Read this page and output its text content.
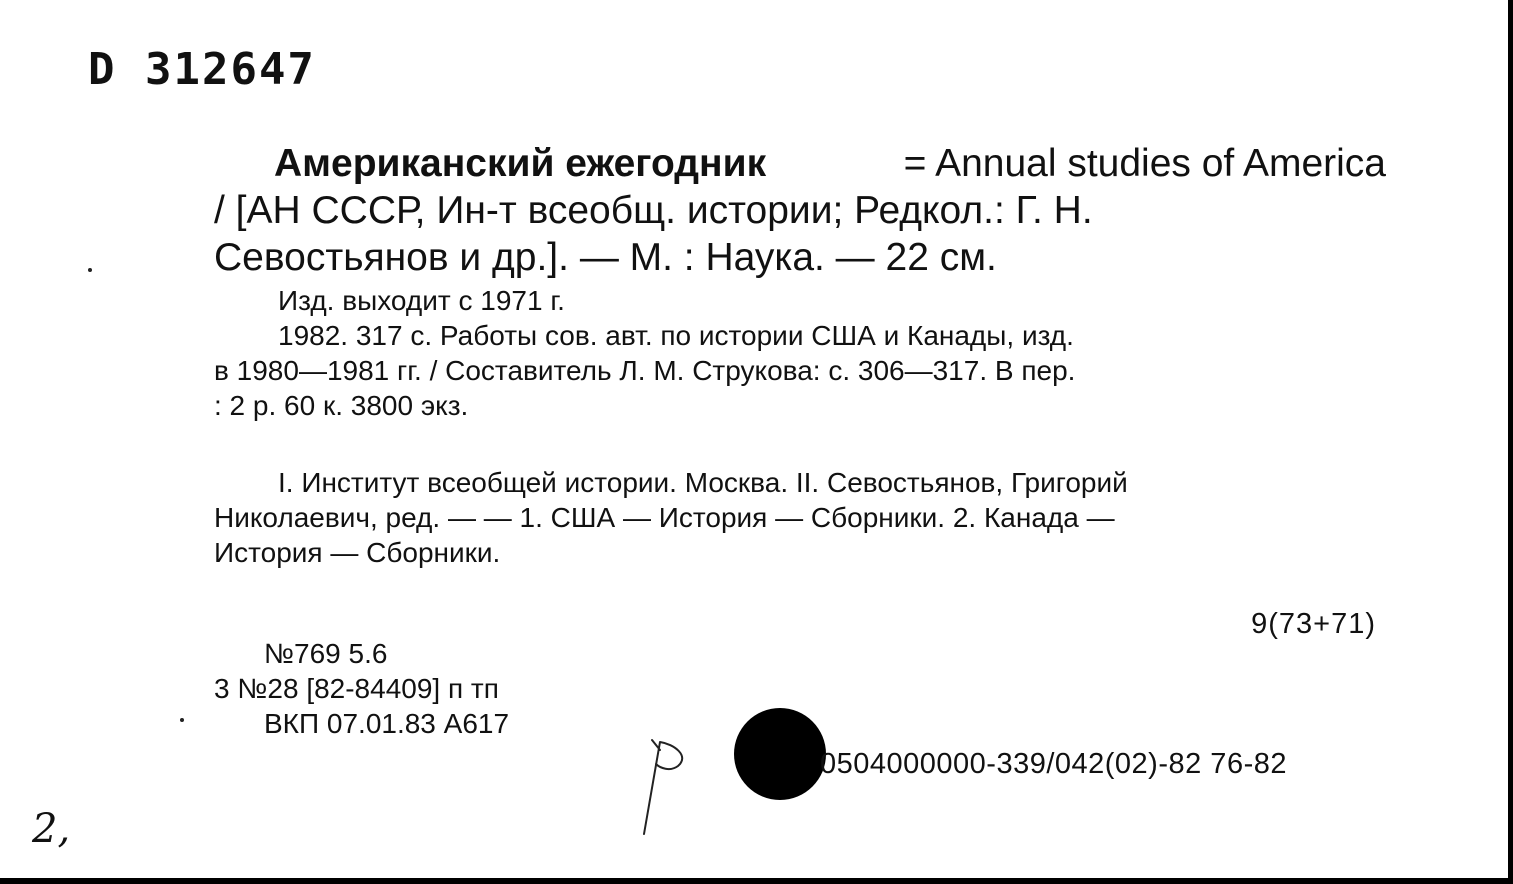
D 312647
Американский ежегодник	= Annual studies of America
/ [АН СССР, Ин-т всеобщ. истории; Редкол.: Г. Н.
Севостьянов и др.]. — М. : Наука. — 22 см.
Изд. выходит с 1971 г.
1982. 317 с. Работы сов. авт. по истории США и Канады, изд.
в 1980—1981 гг. / Составитель Л. М. Струкова: с. 306—317. В пер.
: 2 р. 60 к. 3800 экз.
I. Институт всеобщей истории. Москва. II. Севостьянов, Григорий
Николаевич, ред. — — 1. США — История — Сборники. 2. Канада —
История — Сборники.
9(73+71)
№769 5.6
3 №28 [82-84409] п тп
ВКП 07.01.83 А617
0504000000-339/042(02)-82 76-82
2,
